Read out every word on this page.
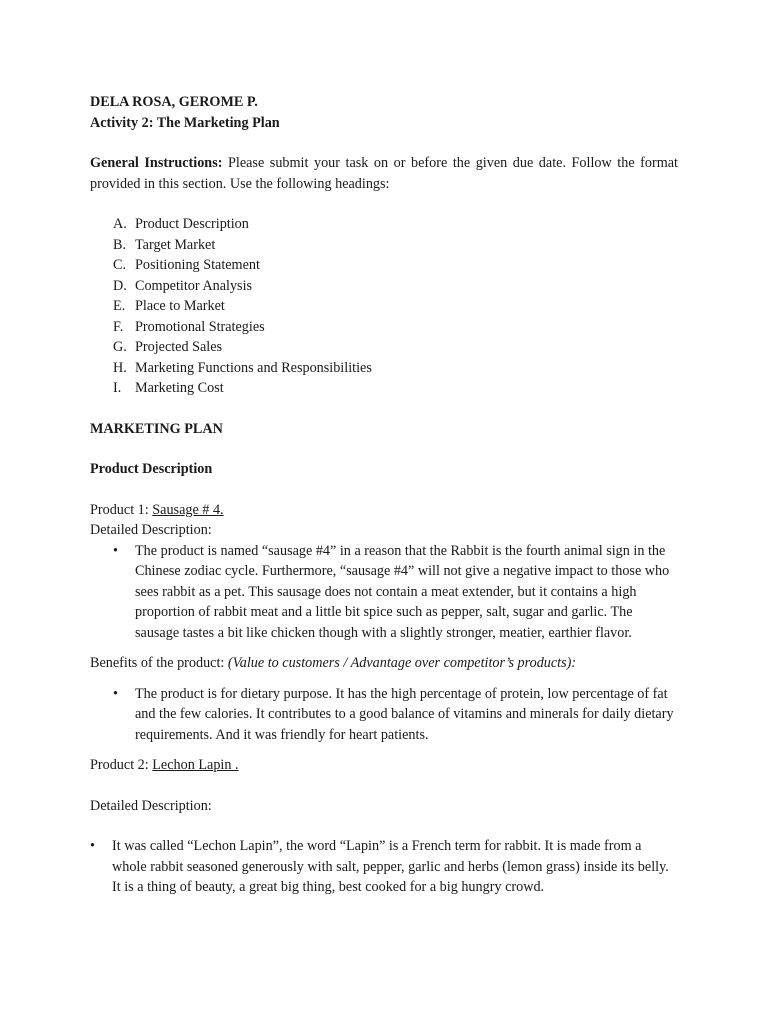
DELA ROSA, GEROME P.
Activity 2: The Marketing Plan

General Instructions: Please submit your task on or before the given due date. Follow the format provided in this section. Use the following headings:

A. Product Description
B. Target Market
C. Positioning Statement
D. Competitor Analysis
E. Place to Market
F. Promotional Strategies
G. Projected Sales
H. Marketing Functions and Responsibilities
I. Marketing Cost
MARKETING PLAN
Product Description
Product 1: Sausage # 4.
Detailed Description:
• The product is named “sausage #4” in a reason that the Rabbit is the fourth animal sign in the Chinese zodiac cycle. Furthermore, “sausage #4” will not give a negative impact to those who sees rabbit as a pet. This sausage does not contain a meat extender, but it contains a high proportion of rabbit meat and a little bit spice such as pepper, salt, sugar and garlic. The sausage tastes a bit like chicken though with a slightly stronger, meatier, earthier flavor.
Benefits of the product: (Value to customers / Advantage over competitor’s products):
• The product is for dietary purpose. It has the high percentage of protein, low percentage of fat and the few calories. It contributes to a good balance of vitamins and minerals for daily dietary requirements. And it was friendly for heart patients.
Product 2: Lechon Lapin .
Detailed Description:
• It was called “Lechon Lapin”, the word “Lapin” is a French term for rabbit. It is made from a whole rabbit seasoned generously with salt, pepper, garlic and herbs (lemon grass) inside its belly. It is a thing of beauty, a great big thing, best cooked for a big hungry crowd.
